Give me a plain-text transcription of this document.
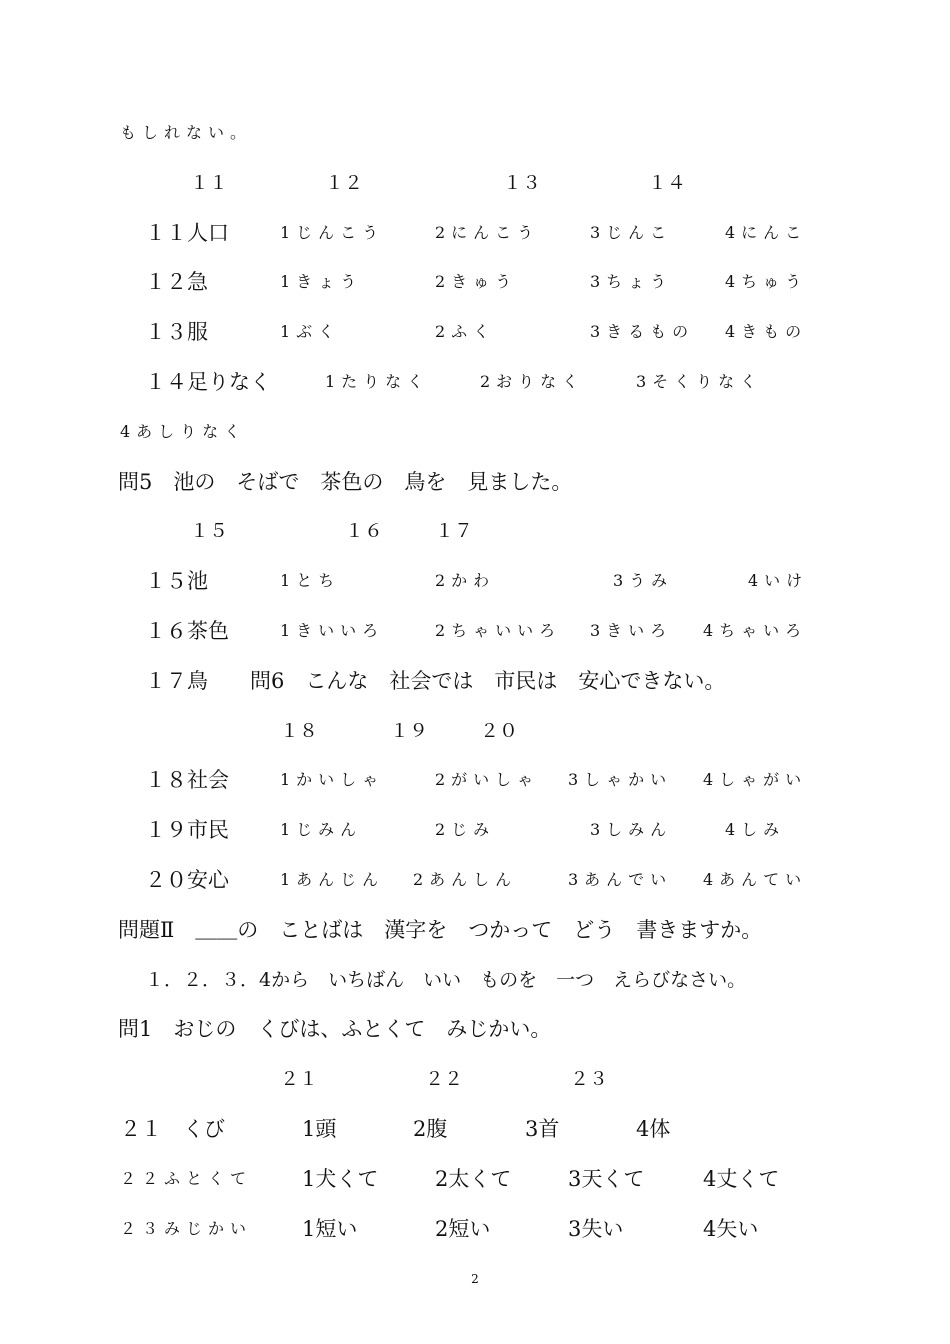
もしれない。
１１	１２	１３	１４
１１人口	1じんこう	2にんこう	3じんこ	4にんこ
１２急	1きょう	2きゅう	3ちょう	4ちゅう
１３服	1ぶく	2ふく	3きるもの 4きもの
１４足りなく	1たりなく	2おりなく	3そくりなく
4あしりなく
問5　池の　そばで　茶色の　鳥を　見ました。
１５	１６	１７
１５池	1とち	2かわ	3うみ	4いけ
１６茶色	1きいいろ	2ちゃいいろ 3きいろ 4ちゃいろ
１７鳥　　問6　こんな　社会では　市民は　安心できない。
１８	１９	２０
１８社会	1かいしゃ	2がいしゃ 3しゃかい 4しゃがい
１９市民	1じみん	2じみ	3しみん	4しみ
２０安心	1あんじん 2あんしん	3あんでい 4あんてい
問題Ⅱ　＿＿の　ことばは　漢字を　つかって　どう　書きますか。
１．２．３．4から　いちばん　いい　ものを　一つ　えらびなさい。
問1　おじの　くびは、ふとくて　みじかい。
２１	２２	２３
２１　くび	1頭	2腹	3首	4体
２２ふとくて 1犬くて	2太くて	3天くて	4丈くて
２３みじかい 1短い	2短い	3失い	4矢い
2
